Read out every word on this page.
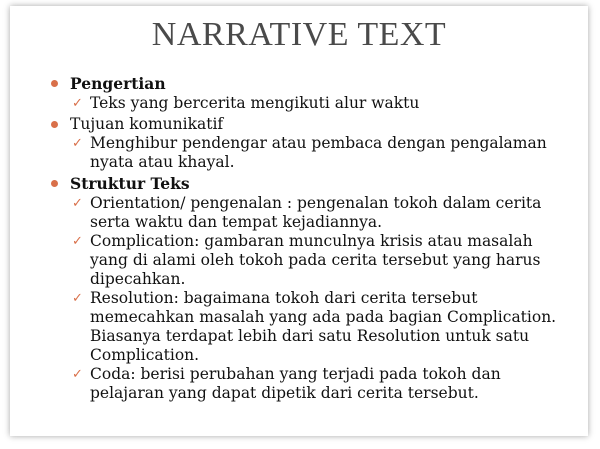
NARRATIVE TEXT
Pengertian
✓ Teks yang bercerita mengikuti alur waktu
Tujuan komunikatif
✓ Menghibur pendengar atau pembaca dengan pengalaman nyata atau khayal.
Struktur Teks
✓ Orientation/ pengenalan : pengenalan tokoh dalam cerita serta waktu dan tempat kejadiannya.
✓ Complication: gambaran munculnya krisis atau masalah yang di alami oleh tokoh pada cerita tersebut yang harus dipecahkan.
✓ Resolution: bagaimana tokoh dari cerita tersebut memecahkan masalah yang ada pada bagian Complication. Biasanya terdapat lebih dari satu Resolution untuk satu Complication.
✓ Coda: berisi perubahan yang terjadi pada tokoh dan pelajaran yang dapat dipetik dari cerita tersebut.
